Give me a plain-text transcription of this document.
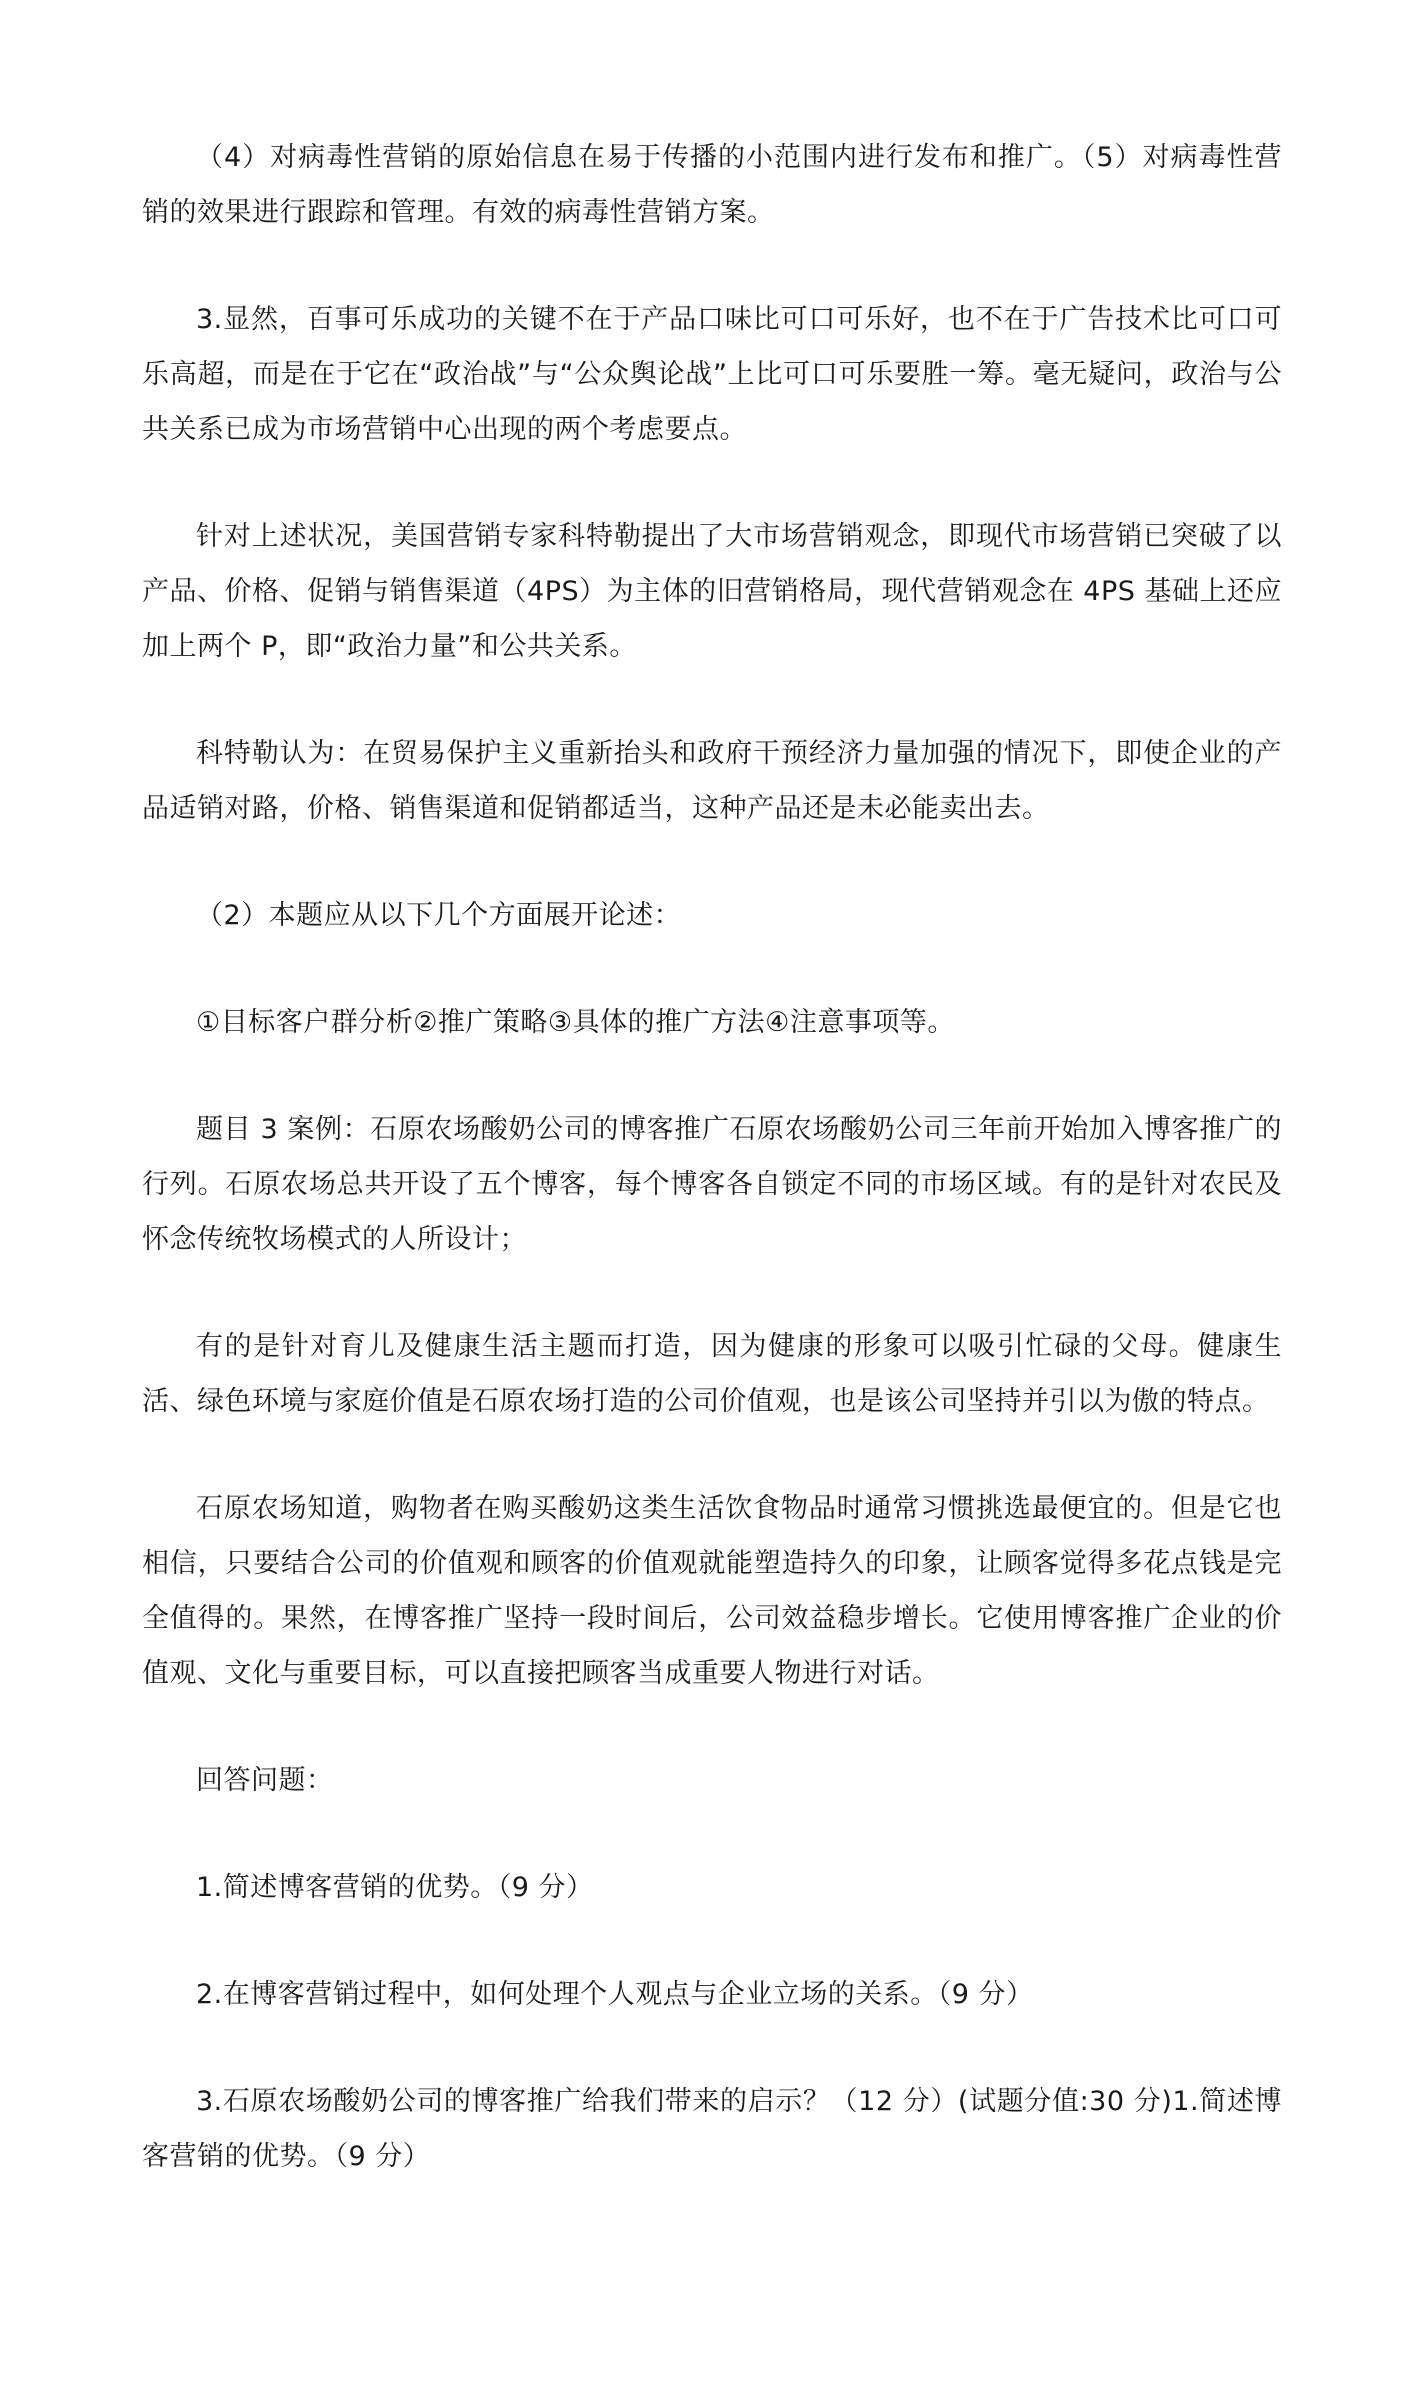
（4）对病毒性营销的原始信息在易于传播的小范围内进行发布和推广。（5）对病毒性营销的效果进行跟踪和管理。有效的病毒性营销方案。

3.显然，百事可乐成功的关键不在于产品口味比可口可乐好，也不在于广告技术比可口可乐高超，而是在于它在“政治战”与“公众舆论战”上比可口可乐要胜一筹。毫无疑问，政治与公共关系已成为市场营销中心出现的两个考虑要点。

针对上述状况，美国营销专家科特勒提出了大市场营销观念，即现代市场营销已突破了以产品、价格、促销与销售渠道（4PS）为主体的旧营销格局，现代营销观念在 4PS 基础上还应加上两个 P，即“政治力量”和公共关系。

科特勒认为：在贸易保护主义重新抬头和政府干预经济力量加强的情况下，即使企业的产品适销对路，价格、销售渠道和促销都适当，这种产品还是未必能卖出去。

（2）本题应从以下几个方面展开论述：

①目标客户群分析②推广策略③具体的推广方法④注意事项等。

题目 3 案例：石原农场酸奶公司的博客推广石原农场酸奶公司三年前开始加入博客推广的行列。石原农场总共开设了五个博客，每个博客各自锁定不同的市场区域。有的是针对农民及怀念传统牧场模式的人所设计；

有的是针对育儿及健康生活主题而打造，因为健康的形象可以吸引忙碌的父母。健康生活、绿色环境与家庭价值是石原农场打造的公司价值观，也是该公司坚持并引以为傲的特点。

石原农场知道，购物者在购买酸奶这类生活饮食物品时通常习惯挑选最便宜的。但是它也相信，只要结合公司的价值观和顾客的价值观就能塑造持久的印象，让顾客觉得多花点钱是完全值得的。果然，在博客推广坚持一段时间后，公司效益稳步增长。它使用博客推广企业的价值观、文化与重要目标，可以直接把顾客当成重要人物进行对话。

回答问题：

1.简述博客营销的优势。（9 分）

2.在博客营销过程中，如何处理个人观点与企业立场的关系。（9 分）

3.石原农场酸奶公司的博客推广给我们带来的启示？（12 分）(试题分值:30 分)1.简述博客营销的优势。（9 分）
